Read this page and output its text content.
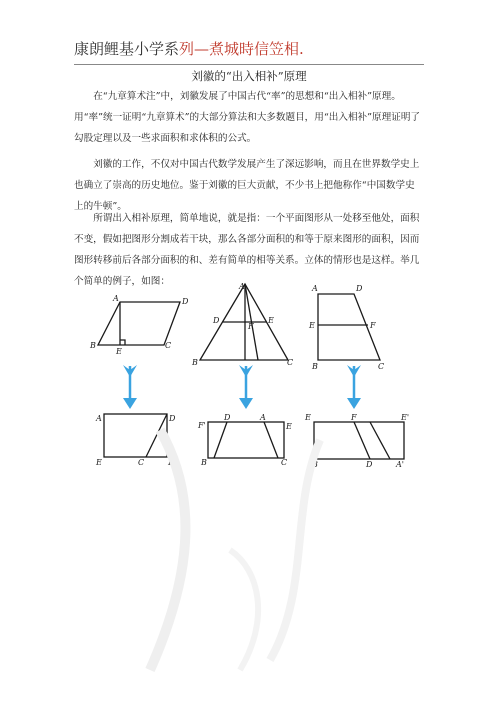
康朗鲤基小学系列—煮城時信笠相.
刘徽的“出入相补”原理

在“九章算术注”中，刘徽发展了中国古代“率”的思想和“出入相补”原理。用“率”统一证明“九章算术”的大部分算法和大多数题目，用“出入相补”原理证明了勾股定理以及一些求面积和求体积的公式。

刘徽的工作，不仅对中国古代数学发展产生了深远影响，而且在世界数学史上也确立了崇高的历史地位。鉴于刘徽的巨大贡献，不少书上把他称作“中国数学史上的牛顿”。

所谓出入相补原理，简单地说，就是指：一个平面图形从一处移至他处，面积不变，假如把图形分割成若干块，那么各部分面积的和等于原来图形的面积，因而图形转移前后各部分面积的和、差有简单的相等关系。立体的情形也是这样。举几个简单的例子，如图：

A	D
B
E
C
A	D
E	C	B'
A
D
F
E
B	C
F'
D	A
E
B	C
A	D
E	F
B	C
E	F	E'
B	D	A'
